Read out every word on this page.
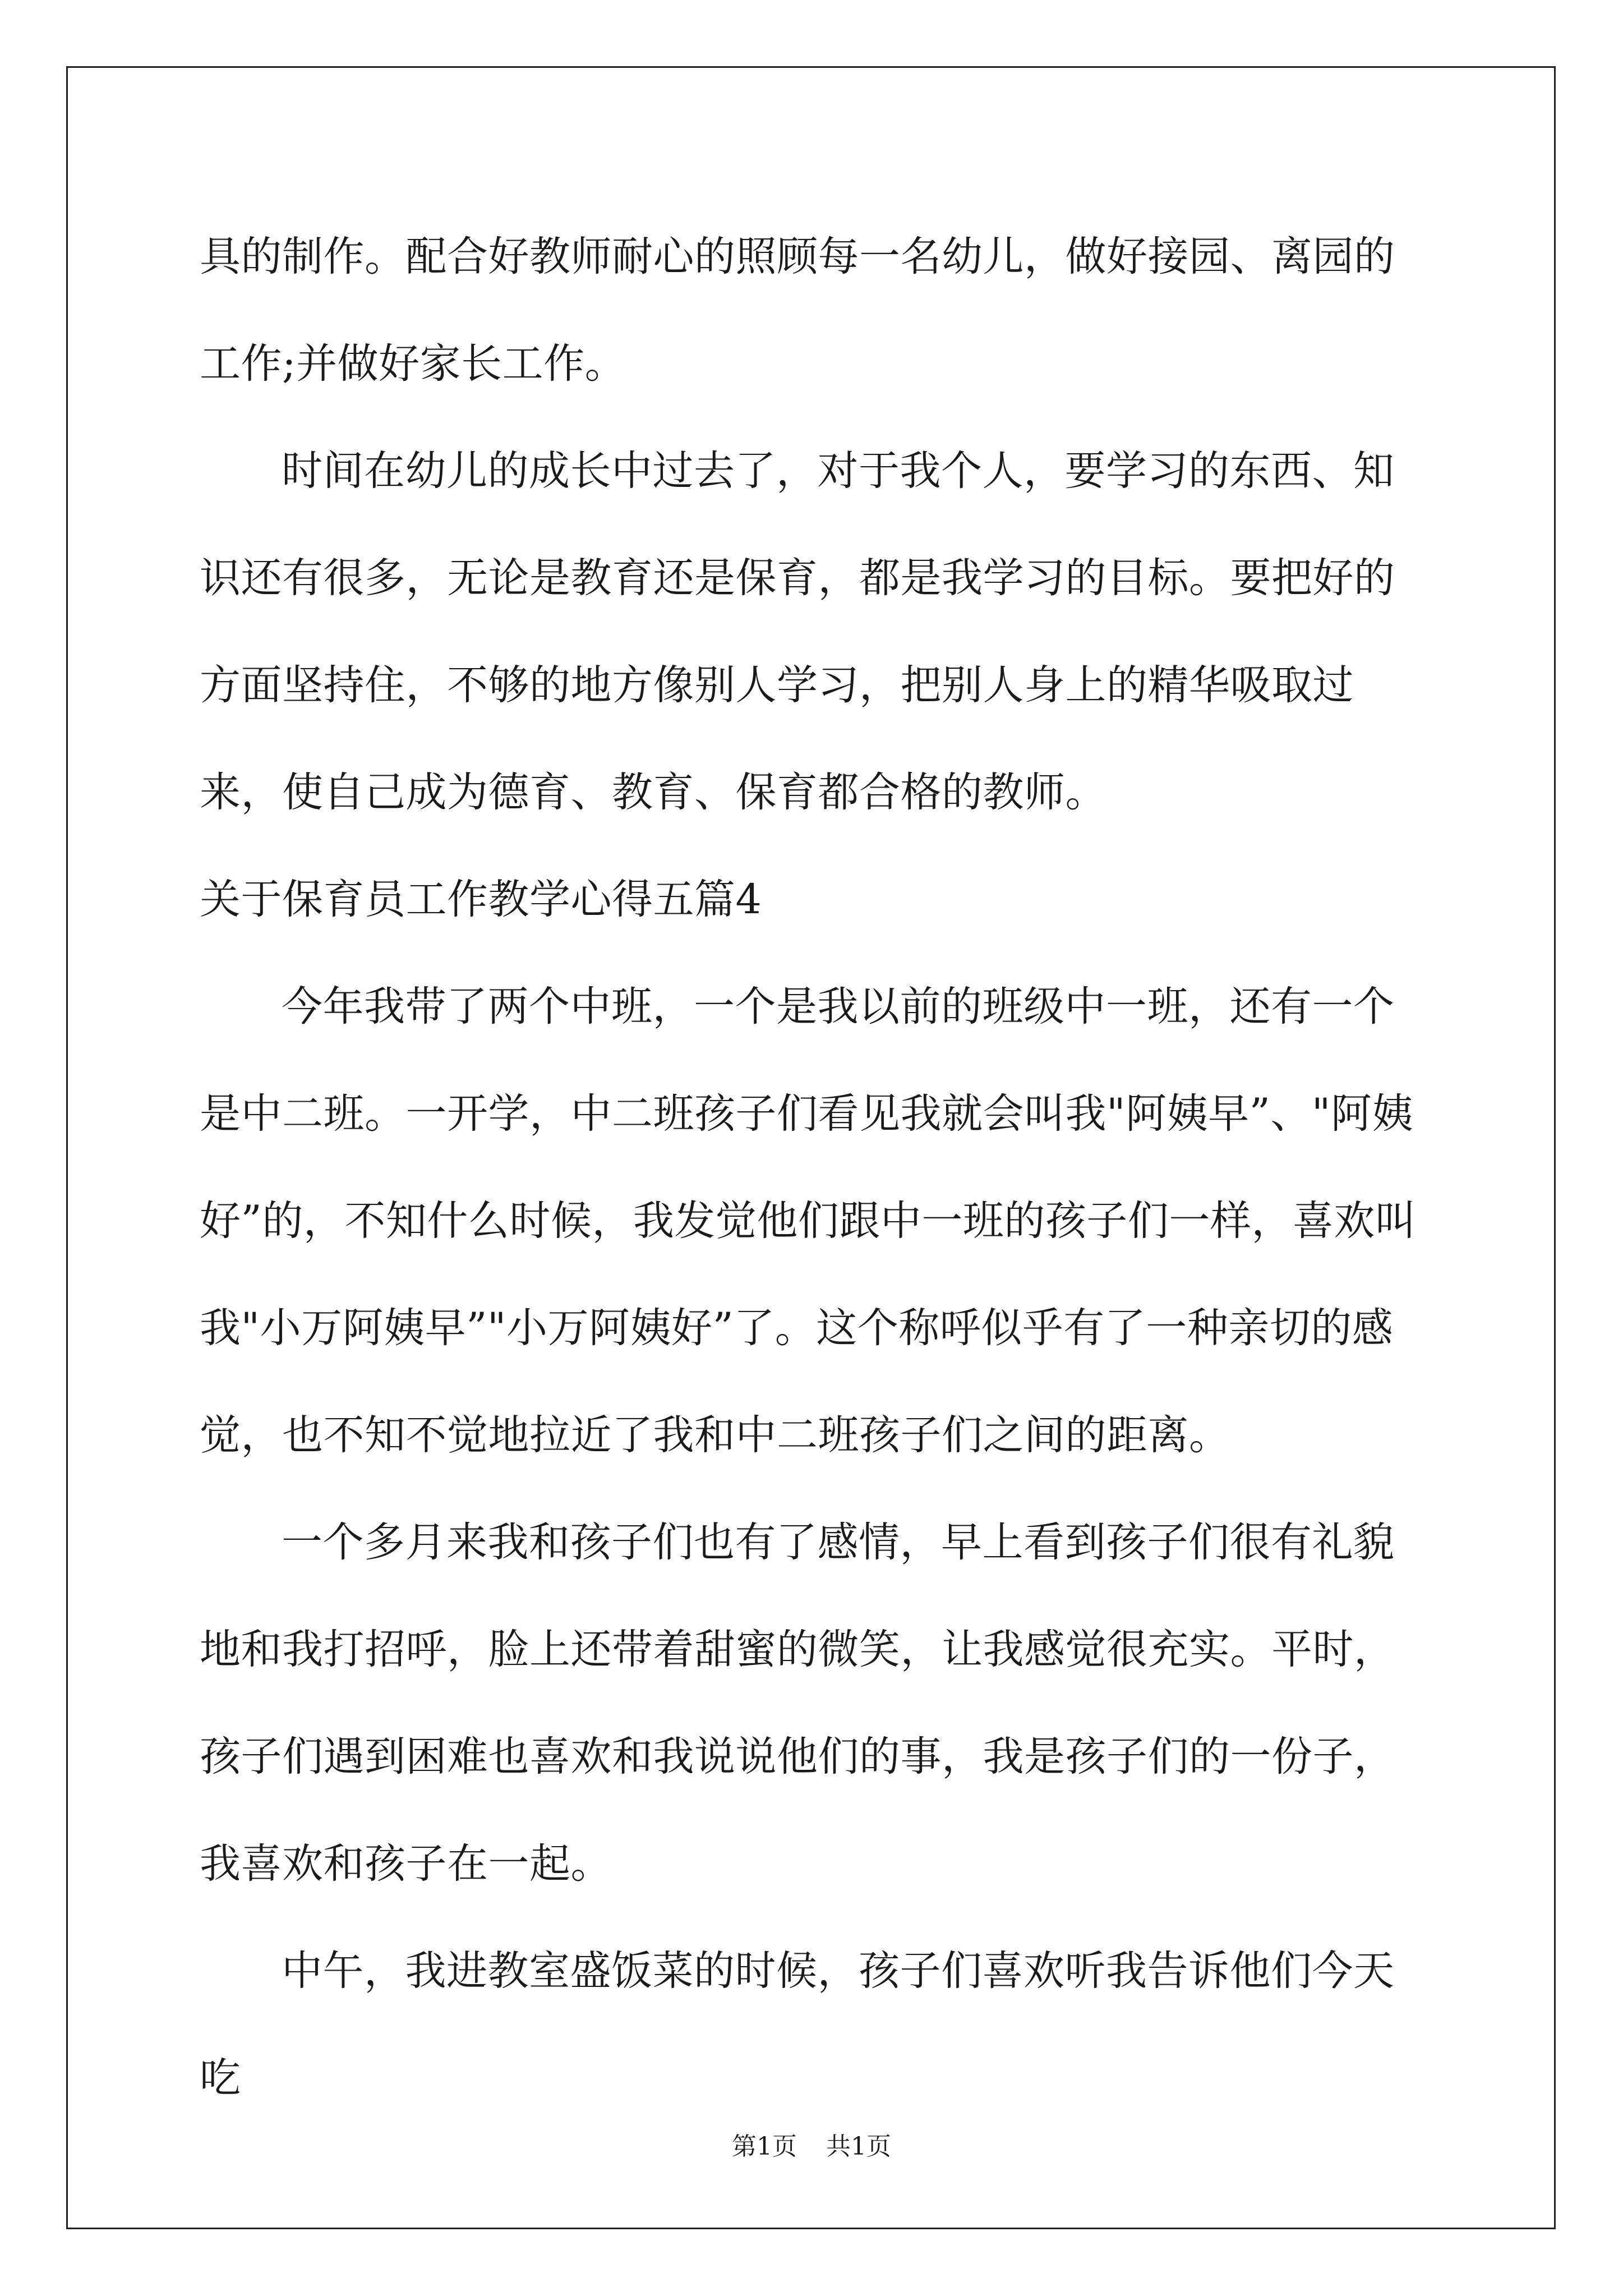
具的制作。配合好教师耐心的照顾每一名幼儿，做好接园、离园的工作;并做好家长工作。

时间在幼儿的成长中过去了，对于我个人，要学习的东西、知识还有很多，无论是教育还是保育，都是我学习的目标。要把好的方面坚持住，不够的地方像别人学习，把别人身上的精华吸取过来，使自己成为德育、教育、保育都合格的教师。

关于保育员工作教学心得五篇4

今年我带了两个中班，一个是我以前的班级中一班，还有一个是中二班。一开学，中二班孩子们看见我就会叫我"阿姨早”、"阿姨好”的，不知什么时候，我发觉他们跟中一班的孩子们一样，喜欢叫我"小万阿姨早”"小万阿姨好”了。这个称呼似乎有了一种亲切的感觉，也不知不觉地拉近了我和中二班孩子们之间的距离。

一个多月来我和孩子们也有了感情，早上看到孩子们很有礼貌地和我打招呼，脸上还带着甜蜜的微笑，让我感觉很充实。平时，孩子们遇到困难也喜欢和我说说他们的事，我是孩子们的一份子，我喜欢和孩子在一起。

中午，我进教室盛饭菜的时候，孩子们喜欢听我告诉他们今天吃

第1页 共1页
